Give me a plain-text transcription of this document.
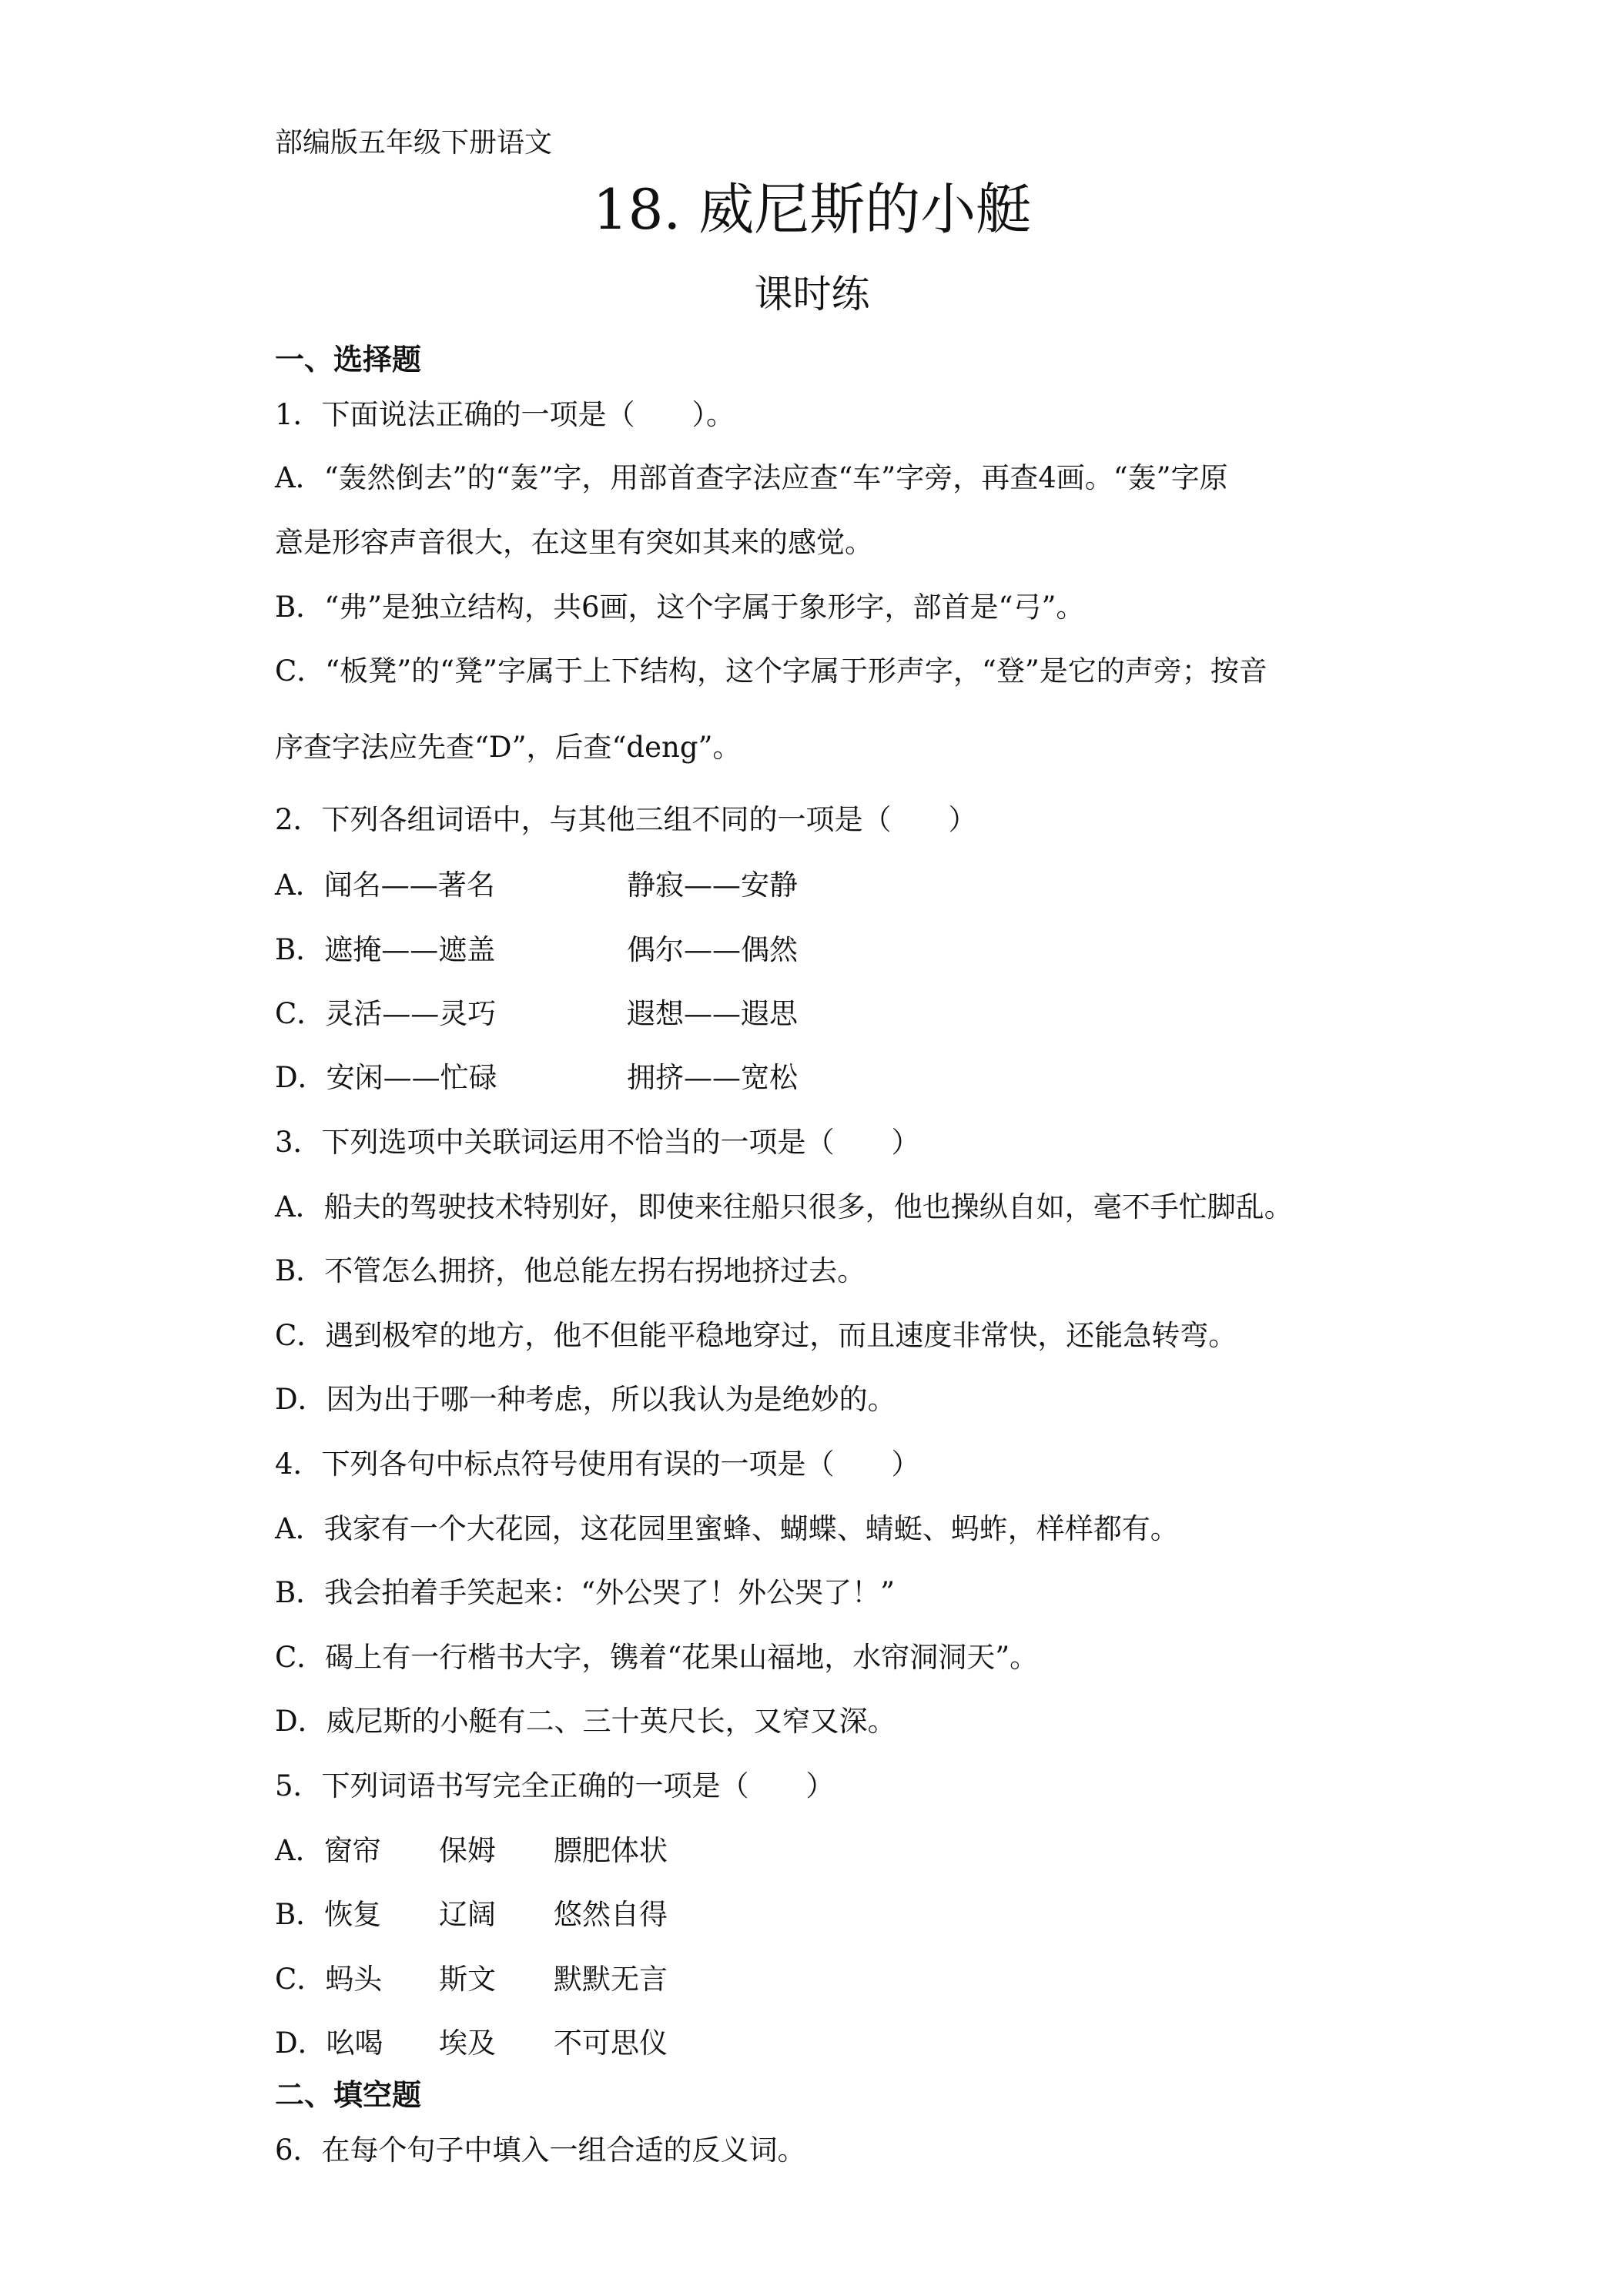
部编版五年级下册语文
18. 威尼斯的小艇
课时练
一、选择题
1．下面说法正确的一项是（　　）。
A．“轰然倒去”的“轰”字，用部首查字法应查“车”字旁，再查4画。“轰”字原
意是形容声音很大，在这里有突如其来的感觉。
B．“弗”是独立结构，共6画，这个字属于象形字，部首是“弓”。
C．“板凳”的“凳”字属于上下结构，这个字属于形声字，“登”是它的声旁；按音
序查字法应先查“D”，后查“deng”。
2．下列各组词语中，与其他三组不同的一项是（　　）
A．闻名——著名	静寂——安静
B．遮掩——遮盖	偶尔——偶然
C．灵活——灵巧	遐想——遐思
D．安闲——忙碌	拥挤——宽松
3．下列选项中关联词运用不恰当的一项是（　　）
A．船夫的驾驶技术特别好，即使来往船只很多，他也操纵自如，毫不手忙脚乱。
B．不管怎么拥挤，他总能左拐右拐地挤过去。
C．遇到极窄的地方，他不但能平稳地穿过，而且速度非常快，还能急转弯。
D．因为出于哪一种考虑，所以我认为是绝妙的。
4．下列各句中标点符号使用有误的一项是（　　）
A．我家有一个大花园，这花园里蜜蜂、蝴蝶、蜻蜓、蚂蚱，样样都有。
B．我会拍着手笑起来：“外公哭了！外公哭了！”
C．碣上有一行楷书大字，镌着“花果山福地，水帘洞洞天”。
D．威尼斯的小艇有二、三十英尺长，又窄又深。
5．下列词语书写完全正确的一项是（　　）
A．窗帘 保姆 膘肥体状
B．恢复 辽阔 悠然自得
C．蚂头 斯文 默默无言
D．吆喝 埃及 不可思仪
二、填空题
6．在每个句子中填入一组合适的反义词。
